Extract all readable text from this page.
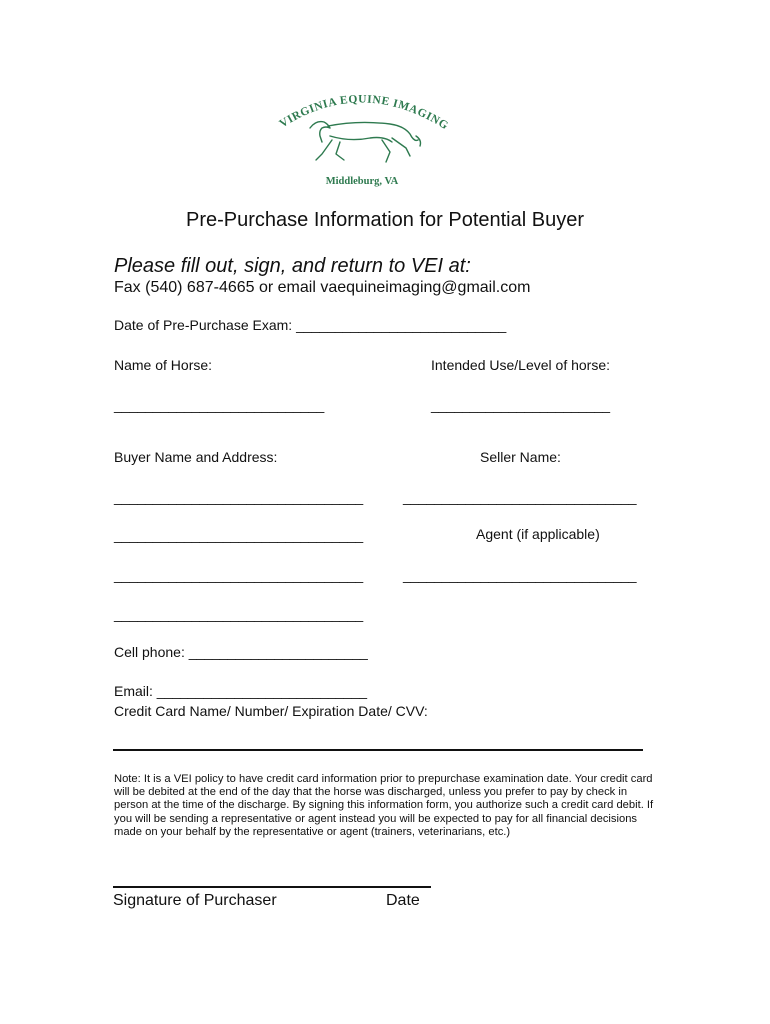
VIRGINIA EQUINE IMAGING
Middleburg, VA
Pre-Purchase Information for Potential Buyer
Please fill out, sign, and return to VEI at:
Fax (540) 687-4665 or email vaequineimaging@gmail.com
Date of Pre-Purchase Exam: ___________________________
Name of Horse:	Intended Use/Level of horse:
___________________________	_______________________
Buyer Name and Address:	Seller Name:
________________________________	______________________________
________________________________	Agent (if applicable)
________________________________	______________________________
________________________________
Cell phone: _______________________
Email: ___________________________
Credit Card Name/ Number/ Expiration Date/ CVV:
Note: It is a VEI policy to have credit card information prior to prepurchase examination date. Your credit card will be debited at the end of the day that the horse was discharged, unless you prefer to pay by check in person at the time of the discharge. By signing this information form, you authorize such a credit card debit. If you will be sending a representative or agent instead you will be expected to pay for all financial decisions made on your behalf by the representative or agent (trainers, veterinarians, etc.)
Signature of Purchaser	Date
